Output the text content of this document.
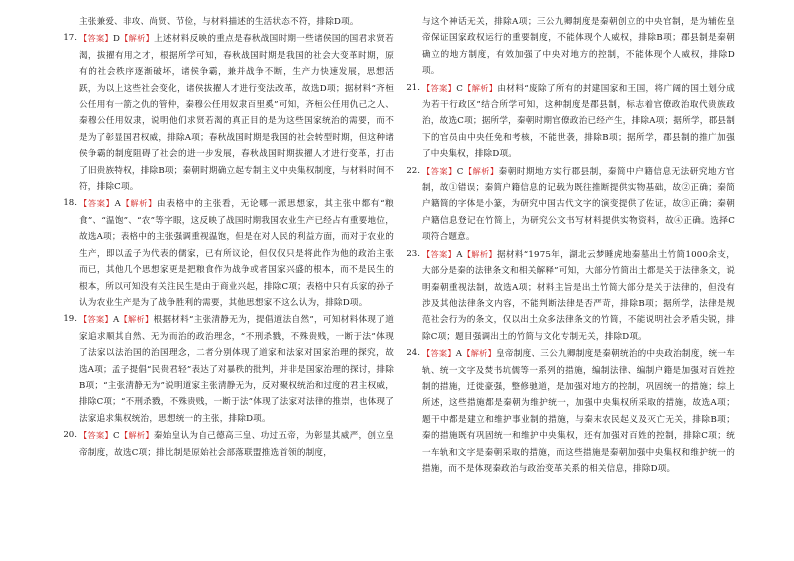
主张兼爱、非攻、尚贤、节俭，与材料描述的生活状态不符，排除D项。
17. 【答案】D【解析】上述材料反映的重点是春秋战国时期一些诸侯国的国君求贤若渴，拔擢有用之才，根据所学可知，春秋战国时期是我国的社会大变革时期，原有的社会秩序逐渐破坏，诸侯争霸，兼并战争不断，生产力快速发展，思想活跃，为以上这些社会变化，诸侯拔擢人才进行变法改革，故选D项；据材料“齐桓公任用有一箭之仇的管仲，秦穆公任用奴隶百里奚”可知，齐桓公任用仇己之人、秦穆公任用奴隶，说明他们求贤若渴的真正目的是为这些国家统治的需要，而不是为了彰显国君权威，排除A项；春秋战国时期是我国的社会转型时期，但这种诸侯争霸的制度阻碍了社会的进一步发展，春秋战国时期拔擢人才进行变革，打击了旧贵族特权，排除B项；秦朝时期确立起专制主义中央集权制度，与材料时间不符，排除C项。
18. 【答案】A【解析】由表格中的主张看，无论哪一派思想家，其主张中都有“粮食”、“温饱”、“农”等字眼，这反映了战国时期我国农业生产已经占有重要地位，故选A项；表格中的主张强调重视温饱，但是在对人民的利益方面，而对于农业的生产，即以孟子为代表的儒家，已有所议论，但仅仅只是将此作为他的政治主张而已，其他几个思想家更是把粮食作为战争或者国家兴盛的根本，而不是民生的根本，所以可知没有关注民生是由于商业兴起，排除C项；表格中只有兵家的孙子认为农业生产是为了战争胜利的需要，其他思想家不这么认为，排除D项。
19. 【答案】A【解析】根据材料“主张清静无为，提倡道法自然”，可知材料体现了道家追求顺其自然、无为而治的政治理念，“不刑杀戮，不殊贵贱，一断于法”体现了法家以法治国的治国理念，二者分别体现了道家和法家对国家治理的探究，故选A项；孟子提倡“民贵君轻”表达了对暴秩的批判，并非是国家治理的探讨，排除B项；“主张清静无为”说明道家主张清静无为，反对聚权统治和过度的君主权威，排除C项；“不刑杀戮，不殊贵贱，一断于法”体现了法家对法律的推崇，也体现了法家追求集权统治，思想统一的主张，排除D项。
20. 【答案】C【解析】秦始皇认为自己德高三皇、功过五帝，为彰显其威严，创立皇帝制度，故选C项；排比制是原始社会部落联盟推选首领的制度，
与这个神话无关，排除A项；三公九卿制度是秦朝创立的中央官制，是为辅佐皇帝保证国家政权运行的重要制度，不能体现个人威权，排除B项；郡县制是秦朝确立的地方制度，有效加强了中央对地方的控制，不能体现个人威权，排除D项。
21. 【答案】C【解析】由材料“废除了所有的封建国家和王国，将广阔的国土划分成为若干行政区”结合所学可知，这种制度是郡县制，标志着官僚政治取代贵族政治，故选C项；据所学，秦朝时期官僚政治已经产生，排除A项；据所学，郡县制下的官员由中央任免和考核，不能世袭，排除B项；据所学，郡县制的推广加强了中央集权，排除D项。
22. 【答案】C【解析】秦朝时期地方实行郡县制，秦简中户籍信息无法研究地方官制，故①错误；秦简户籍信息的记载为既往推断提供实物基础，故②正确；秦简户籍简的字体是小篆，为研究中国古代文字的演变提供了佐证，故③正确；秦朝户籍信息登记在竹简上，为研究公文书写材料提供实物资料，故④正确。选择C项符合题意。
23. 【答案】A【解析】据材料“1975年，湖北云梦睡虎地秦墓出土竹简1000余支，大部分是秦的法律条文和相关解释”可知，大部分竹简出土都是关于法律条文，说明秦朝重视法制，故选A项；材料主旨是出土竹简大部分是关于法律的，但没有涉及其他法律条文内容，不能判断法律是否严苛，排除B项；据所学，法律是规范社会行为的条文，仅以出土众多法律条文的竹简，不能说明社会矛盾尖锐，排除C项；题目强调出土的竹简与文化专制无关，排除D项。
24. 【答案】A【解析】皇帝制度、三公九卿制度是秦朝统治的中央政治制度，统一车轨、统一文字及焚书坑儒等一系列的措施，编制法律、编制户籍是加强对百姓控制的措施，迁徙豪强，整修驰道，是加强对地方的控制，巩固统一的措施；综上所述，这些措施都是秦朝为维护统一，加强中央集权所采取的措施，故选A项；题干中都是建立和维护事业制的措施，与秦末农民起义及灭亡无关，排除B项；秦的措施既有巩固统一和维护中央集权，还有加强对百姓的控制，排除C项；统一车轨和文字是秦朝采取的措施，而这些措施是秦朝加强中央集权和维护统一的措施，而不是体现秦政治与政治变革关系的相关信息，排除D项。
